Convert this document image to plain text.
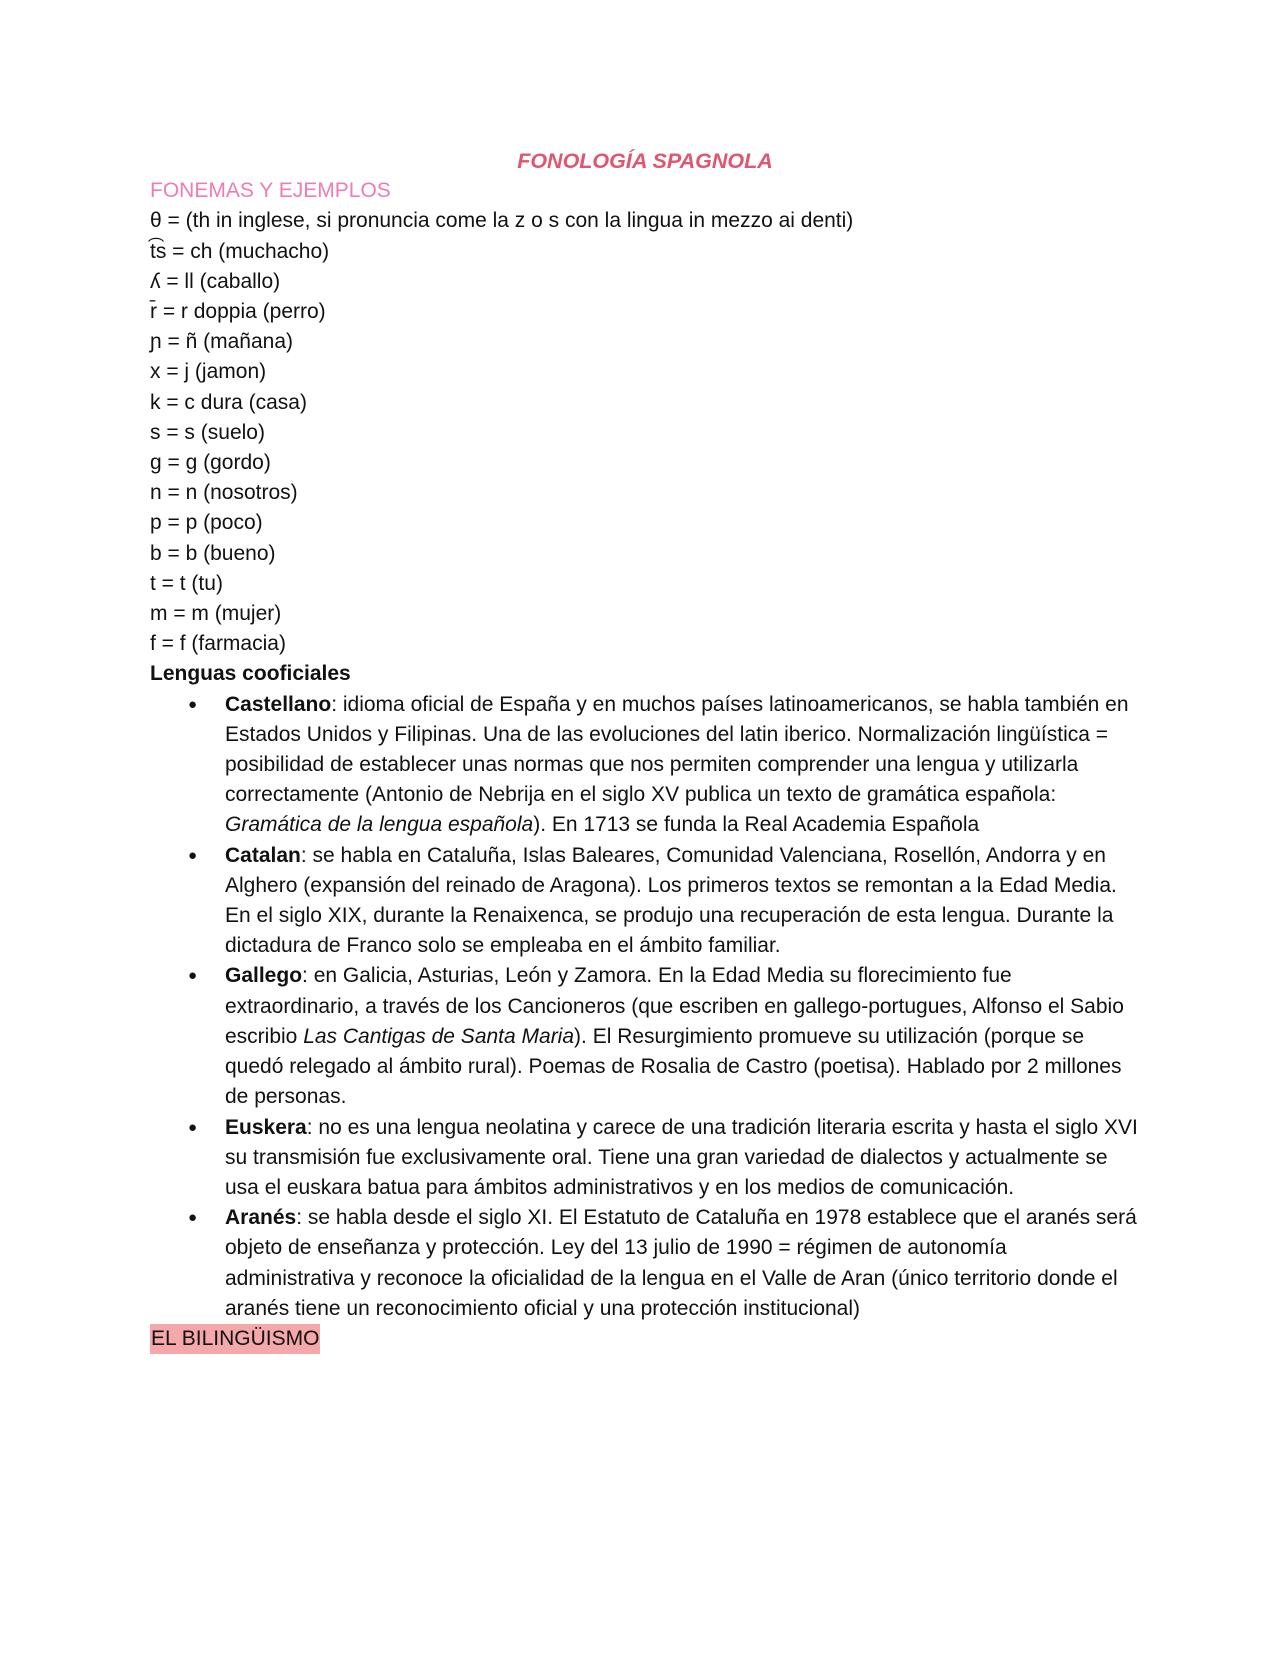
FONOLOGÍA SPAGNOLA
FONEMAS Y EJEMPLOS
θ = (th in inglese, si pronuncia come la z o s con la lingua in mezzo ai denti)
t͡s = ch (muchacho)
ʎ = ll (caballo)
r̄ = r doppia (perro)
ɲ = ñ (mañana)
x = j (jamon)
k = c dura (casa)
s = s (suelo)
g = g (gordo)
n = n (nosotros)
p = p (poco)
b = b (bueno)
t = t (tu)
m = m (mujer)
f = f (farmacia)
Lenguas cooficiales
● Castellano: idioma oficial de España y en muchos países latinoamericanos, se habla también en Estados Unidos y Filipinas. Una de las evoluciones del latin iberico. Normalización lingüística = posibilidad de establecer unas normas que nos permiten comprender una lengua y utilizarla correctamente (Antonio de Nebrija en el siglo XV publica un texto de gramática española: Gramática de la lengua española). En 1713 se funda la Real Academia Española
● Catalan: se habla en Cataluña, Islas Baleares, Comunidad Valenciana, Rosellón, Andorra y en Alghero (expansión del reinado de Aragona). Los primeros textos se remontan a la Edad Media. En el siglo XIX, durante la Renaixenca, se produjo una recuperación de esta lengua. Durante la dictadura de Franco solo se empleaba en el ámbito familiar.
● Gallego: en Galicia, Asturias, León y Zamora. En la Edad Media su florecimiento fue extraordinario, a través de los Cancioneros (que escriben en gallego-portugues, Alfonso el Sabio escribio Las Cantigas de Santa Maria). El Resurgimiento promueve su utilización (porque se quedó relegado al ámbito rural). Poemas de Rosalia de Castro (poetisa). Hablado por 2 millones de personas.
● Euskera: no es una lengua neolatina y carece de una tradición literaria escrita y hasta el siglo XVI su transmisión fue exclusivamente oral. Tiene una gran variedad de dialectos y actualmente se usa el euskara batua para ámbitos administrativos y en los medios de comunicación.
● Aranés: se habla desde el siglo XI. El Estatuto de Cataluña en 1978 establece que el aranés será objeto de enseñanza y protección. Ley del 13 julio de 1990 = régimen de autonomía administrativa y reconoce la oficialidad de la lengua en el Valle de Aran (único territorio donde el aranés tiene un reconocimiento oficial y una protección institucional)
EL BILINGÜISMO
